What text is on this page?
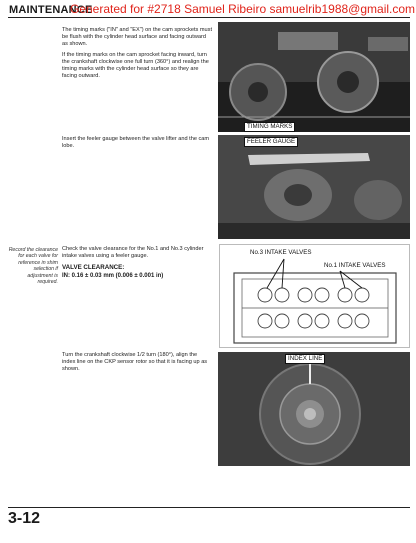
MAINTENANCE
Generated for #2718 Samuel Ribeiro samuelrib1988@gmail.com
The timing marks ("IN" and "EX") on the cam sprockets must be flush with the cylinder head surface and facing outward as shown.
If the timing marks on the cam sprocket facing inward, turn the crankshaft clockwise one full turn (360°) and realign the timing marks with the cylinder head surface so they are facing outward.
TIMING MARKS
Insert the feeler gauge between the valve lifter and the cam lobe.
FEELER GAUGE
Record the clearance for each valve for reference in shim selection if adjustment is required.
Check the valve clearance for the No.1 and No.3 cylinder intake valves using a feeler gauge.
VALVE CLEARANCE:
IN: 0.16 ± 0.03 mm (0.006 ± 0.001 in)
No.3 INTAKE VALVES
No.1 INTAKE VALVES
Turn the crankshaft clockwise 1/2 turn (180°), align the index line on the CKP sensor rotor so that it is facing up as shown.
INDEX LINE
3-12
